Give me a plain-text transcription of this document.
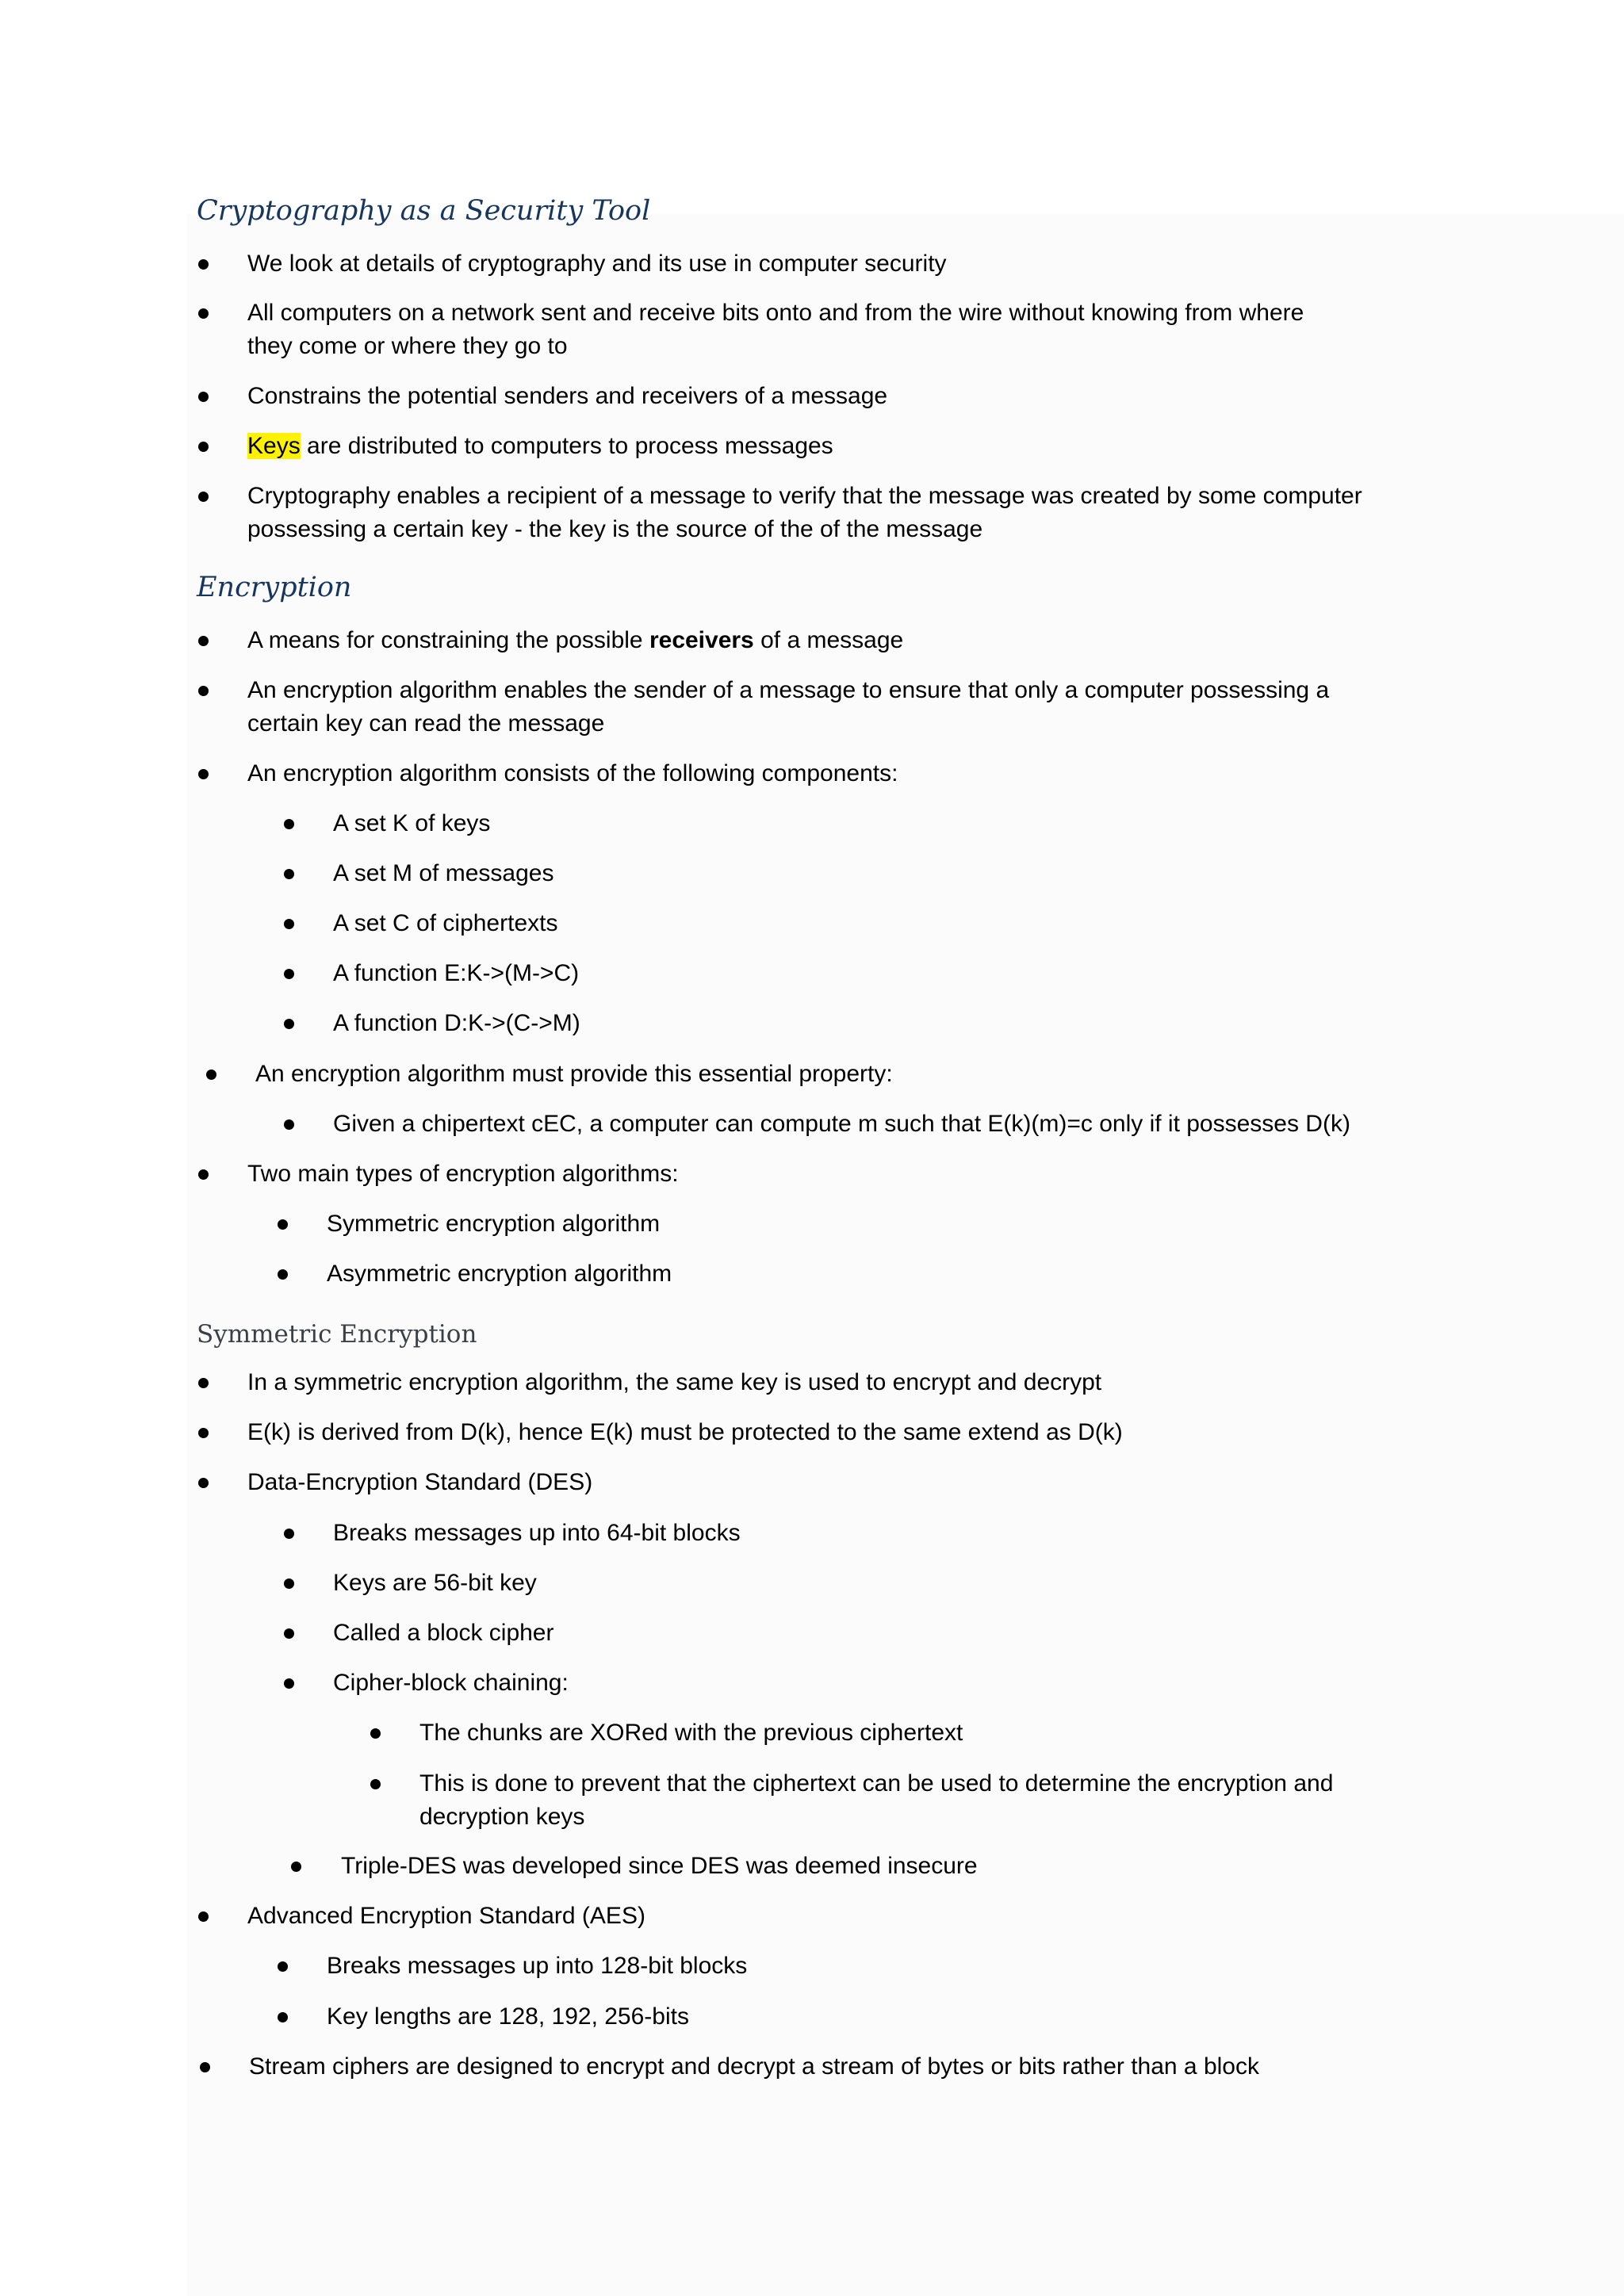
Cryptography as a Security Tool
We look at details of cryptography and its use in computer security
All computers on a network sent and receive bits onto and from the wire without knowing from where
they come or where they go to
Constrains the potential senders and receivers of a message
Keys are distributed to computers to process messages
Cryptography enables a recipient of a message to verify that the message was created by some computer
possessing a certain key - the key is the source of the of the message
Encryption
A means for constraining the possible receivers of a message
An encryption algorithm enables the sender of a message to ensure that only a computer possessing a
certain key can read the message
An encryption algorithm consists of the following components:
A set K of keys
A set M of messages
A set C of ciphertexts
A function E:K->(M->C)
A function D:K->(C->M)
An encryption algorithm must provide this essential property:
Given a chipertext cEC, a computer can compute m such that E(k)(m)=c only if it possesses D(k)
Two main types of encryption algorithms:
Symmetric encryption algorithm
Asymmetric encryption algorithm
Symmetric Encryption
In a symmetric encryption algorithm, the same key is used to encrypt and decrypt
E(k) is derived from D(k), hence E(k) must be protected to the same extend as D(k)
Data-Encryption Standard (DES)
Breaks messages up into 64-bit blocks
Keys are 56-bit key
Called a block cipher
Cipher-block chaining:
The chunks are XORed with the previous ciphertext
This is done to prevent that the ciphertext can be used to determine the encryption and
decryption keys
Triple-DES was developed since DES was deemed insecure
Advanced Encryption Standard (AES)
Breaks messages up into 128-bit blocks
Key lengths are 128, 192, 256-bits
Stream ciphers are designed to encrypt and decrypt a stream of bytes or bits rather than a block
